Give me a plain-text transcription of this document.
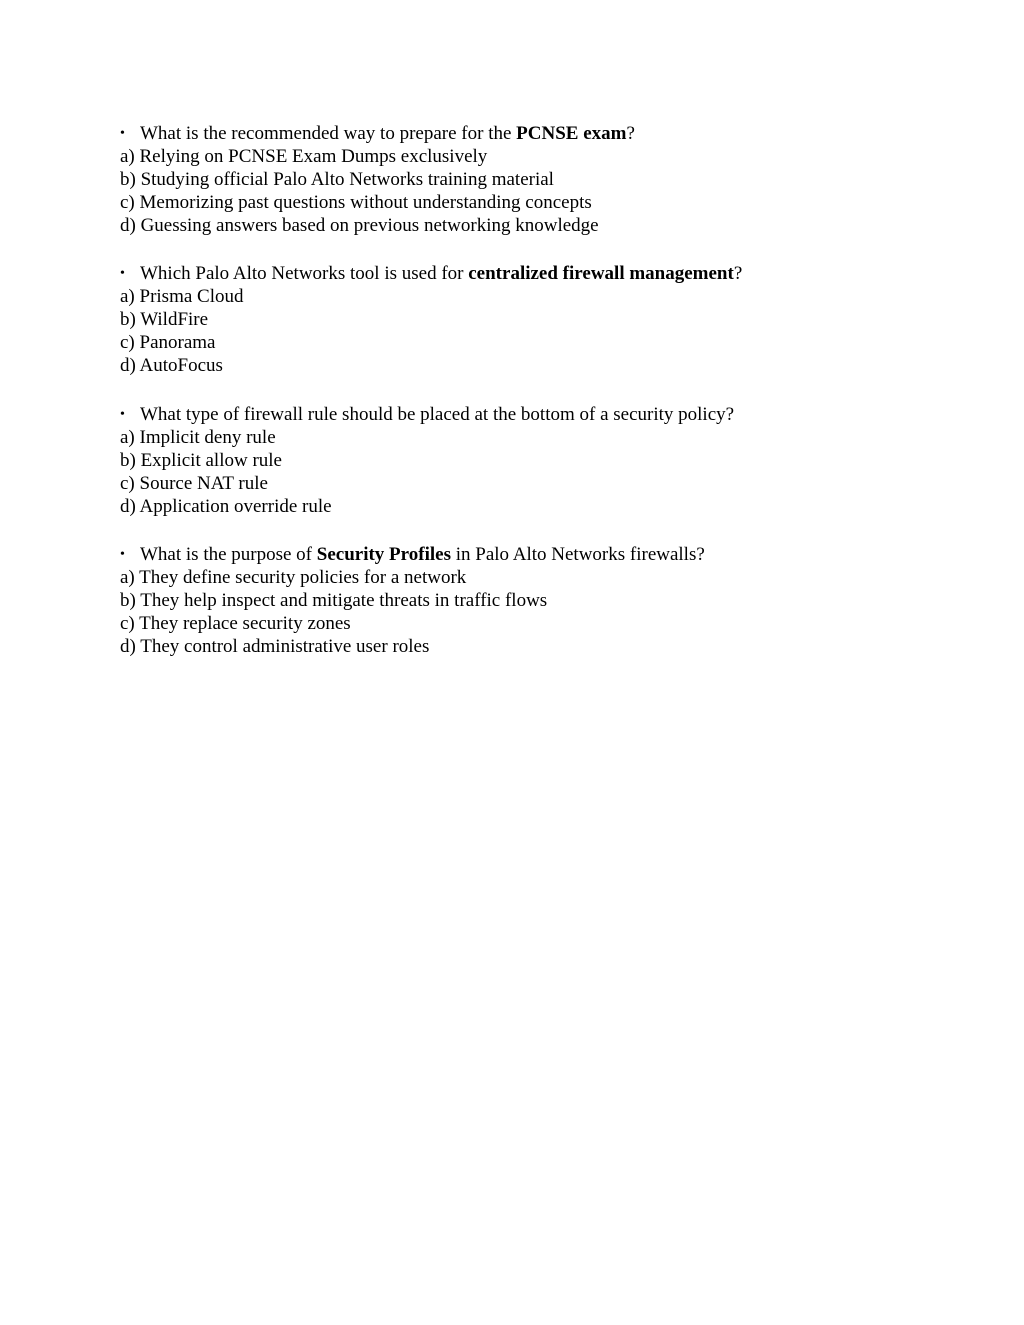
• What is the recommended way to prepare for the PCNSE exam?
a) Relying on PCNSE Exam Dumps exclusively
b) Studying official Palo Alto Networks training material
c) Memorizing past questions without understanding concepts
d) Guessing answers based on previous networking knowledge
• Which Palo Alto Networks tool is used for centralized firewall management?
a) Prisma Cloud
b) WildFire
c) Panorama
d) AutoFocus
• What type of firewall rule should be placed at the bottom of a security policy?
a) Implicit deny rule
b) Explicit allow rule
c) Source NAT rule
d) Application override rule
• What is the purpose of Security Profiles in Palo Alto Networks firewalls?
a) They define security policies for a network
b) They help inspect and mitigate threats in traffic flows
c) They replace security zones
d) They control administrative user roles
